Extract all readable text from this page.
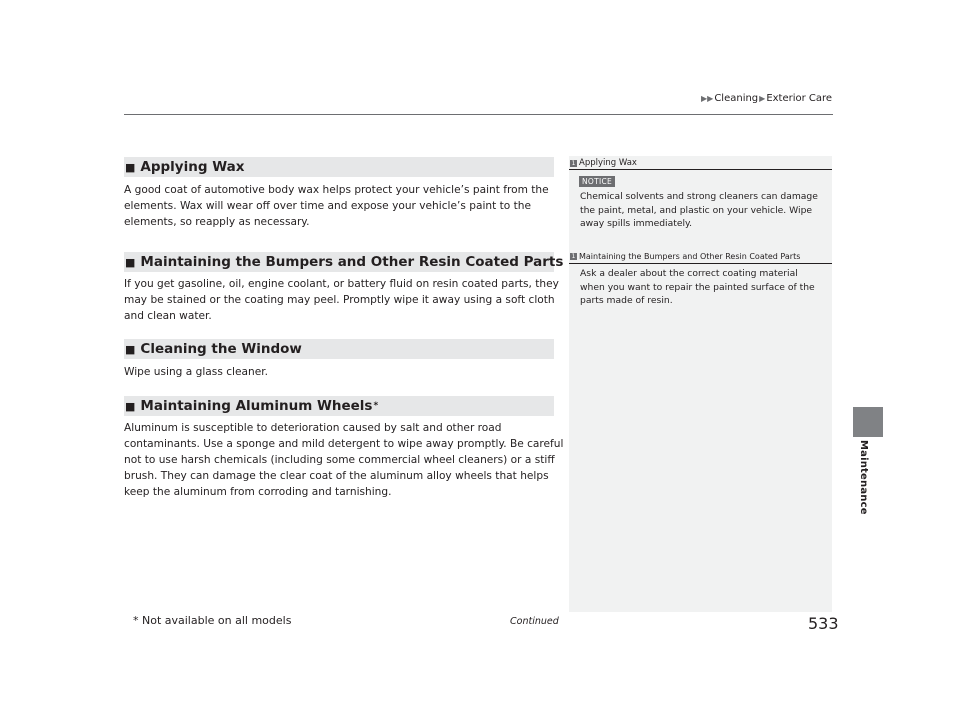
▶▶ Cleaning ▶ Exterior Care
Maintenance
■ Applying Wax
A good coat of automotive body wax helps protect your vehicle’s paint from the elements. Wax will wear off over time and expose your vehicle’s paint to the elements, so reapply as necessary.
■ Maintaining the Bumpers and Other Resin Coated Parts
If you get gasoline, oil, engine coolant, or battery fluid on resin coated parts, they may be stained or the coating may peel. Promptly wipe it away using a soft cloth and clean water.
■ Cleaning the Window
Wipe using a glass cleaner.
■ Maintaining Aluminum Wheels *
Aluminum is susceptible to deterioration caused by salt and other road contaminants. Use a sponge and mild detergent to wipe away promptly. Be careful not to use harsh chemicals (including some commercial wheel cleaners) or a stiff brush. They can damage the clear coat of the aluminum alloy wheels that helps keep the aluminum from corroding and tarnishing.
1 Applying Wax
NOTICE
Chemical solvents and strong cleaners can damage the paint, metal, and plastic on your vehicle. Wipe away spills immediately.
1 Maintaining the Bumpers and Other Resin Coated Parts
Ask a dealer about the correct coating material when you want to repair the painted surface of the parts made of resin.
* Not available on all models	Continued	533
